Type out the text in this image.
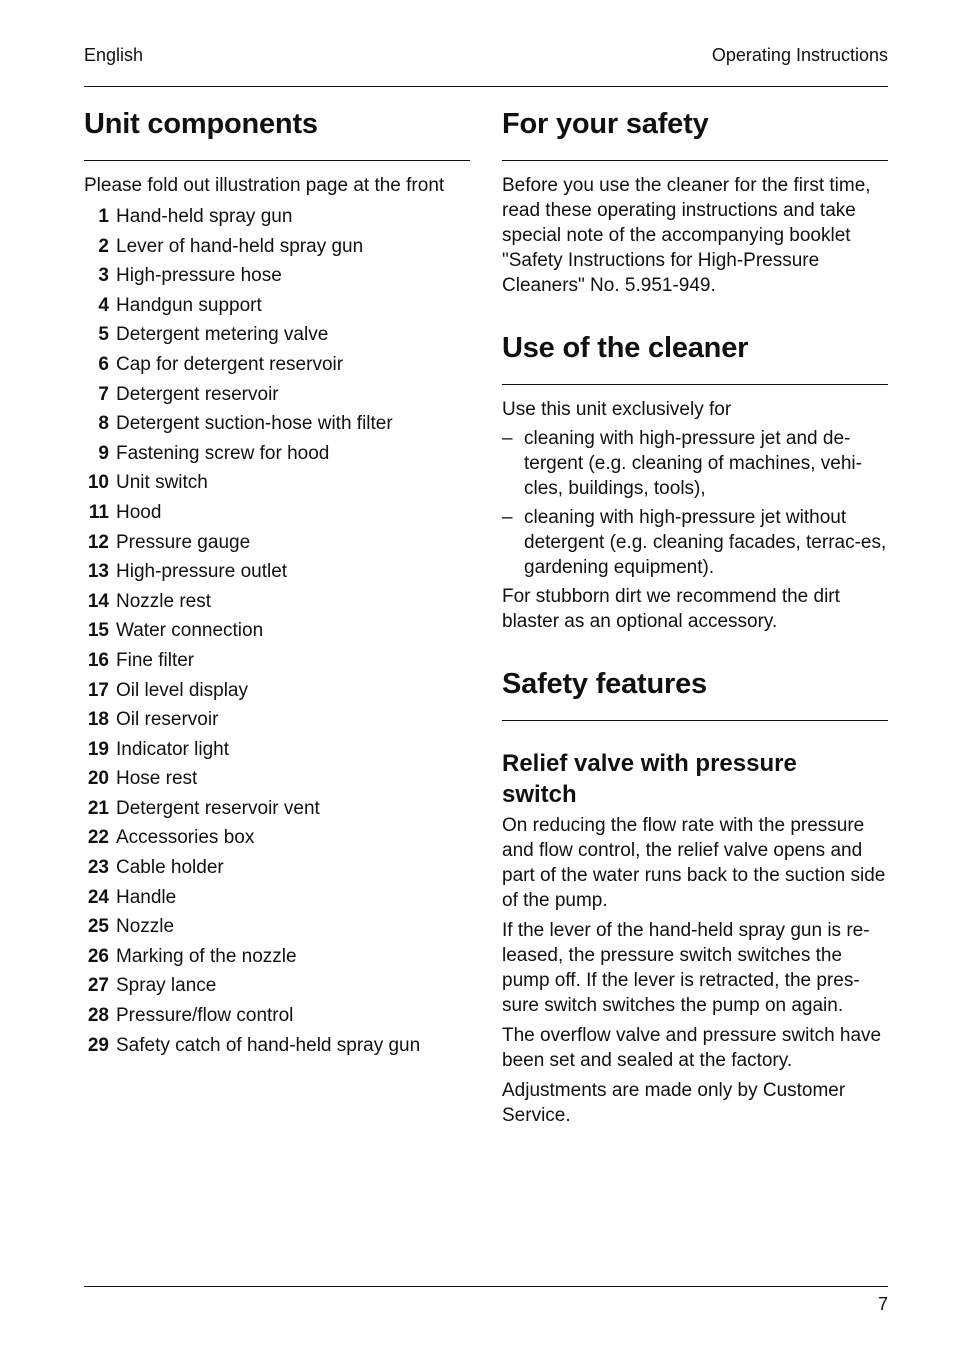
English	Operating Instructions
Unit components

Please fold out illustration page at the front

1 Hand-held spray gun
2 Lever of hand-held spray gun
3 High-pressure hose
4 Handgun support
5 Detergent metering valve
6 Cap for detergent reservoir
7 Detergent reservoir
8 Detergent suction-hose with filter
9 Fastening screw for hood
10 Unit switch
11 Hood
12 Pressure gauge
13 High-pressure outlet
14 Nozzle rest
15 Water connection
16 Fine filter
17 Oil level display
18 Oil reservoir
19 Indicator light
20 Hose rest
21 Detergent reservoir vent
22 Accessories box
23 Cable holder
24 Handle
25 Nozzle
26 Marking of the nozzle
27 Spray lance
28 Pressure/flow control
29 Safety catch of hand-held spray gun
For your safety

Before you use the cleaner for the first time, read these operating instructions and take special note of the accompanying booklet "Safety Instructions for High-Pressure Cleaners" No. 5.951-949.

Use of the cleaner

Use this unit exclusively for

– cleaning with high-pressure jet and de-tergent (e.g. cleaning of machines, vehi-cles, buildings, tools),
– cleaning with high-pressure jet without detergent (e.g. cleaning facades, terrac-es, gardening equipment).

For stubborn dirt we recommend the dirt blaster as an optional accessory.

Safety features
Relief valve with pressure switch

On reducing the flow rate with the pressure and flow control, the relief valve opens and part of the water runs back to the suction side of the pump.

If the lever of the hand-held spray gun is re-leased, the pressure switch switches the pump off. If the lever is retracted, the pres-sure switch switches the pump on again.

The overflow valve and pressure switch have been set and sealed at the factory.

Adjustments are made only by Customer Service.

7
